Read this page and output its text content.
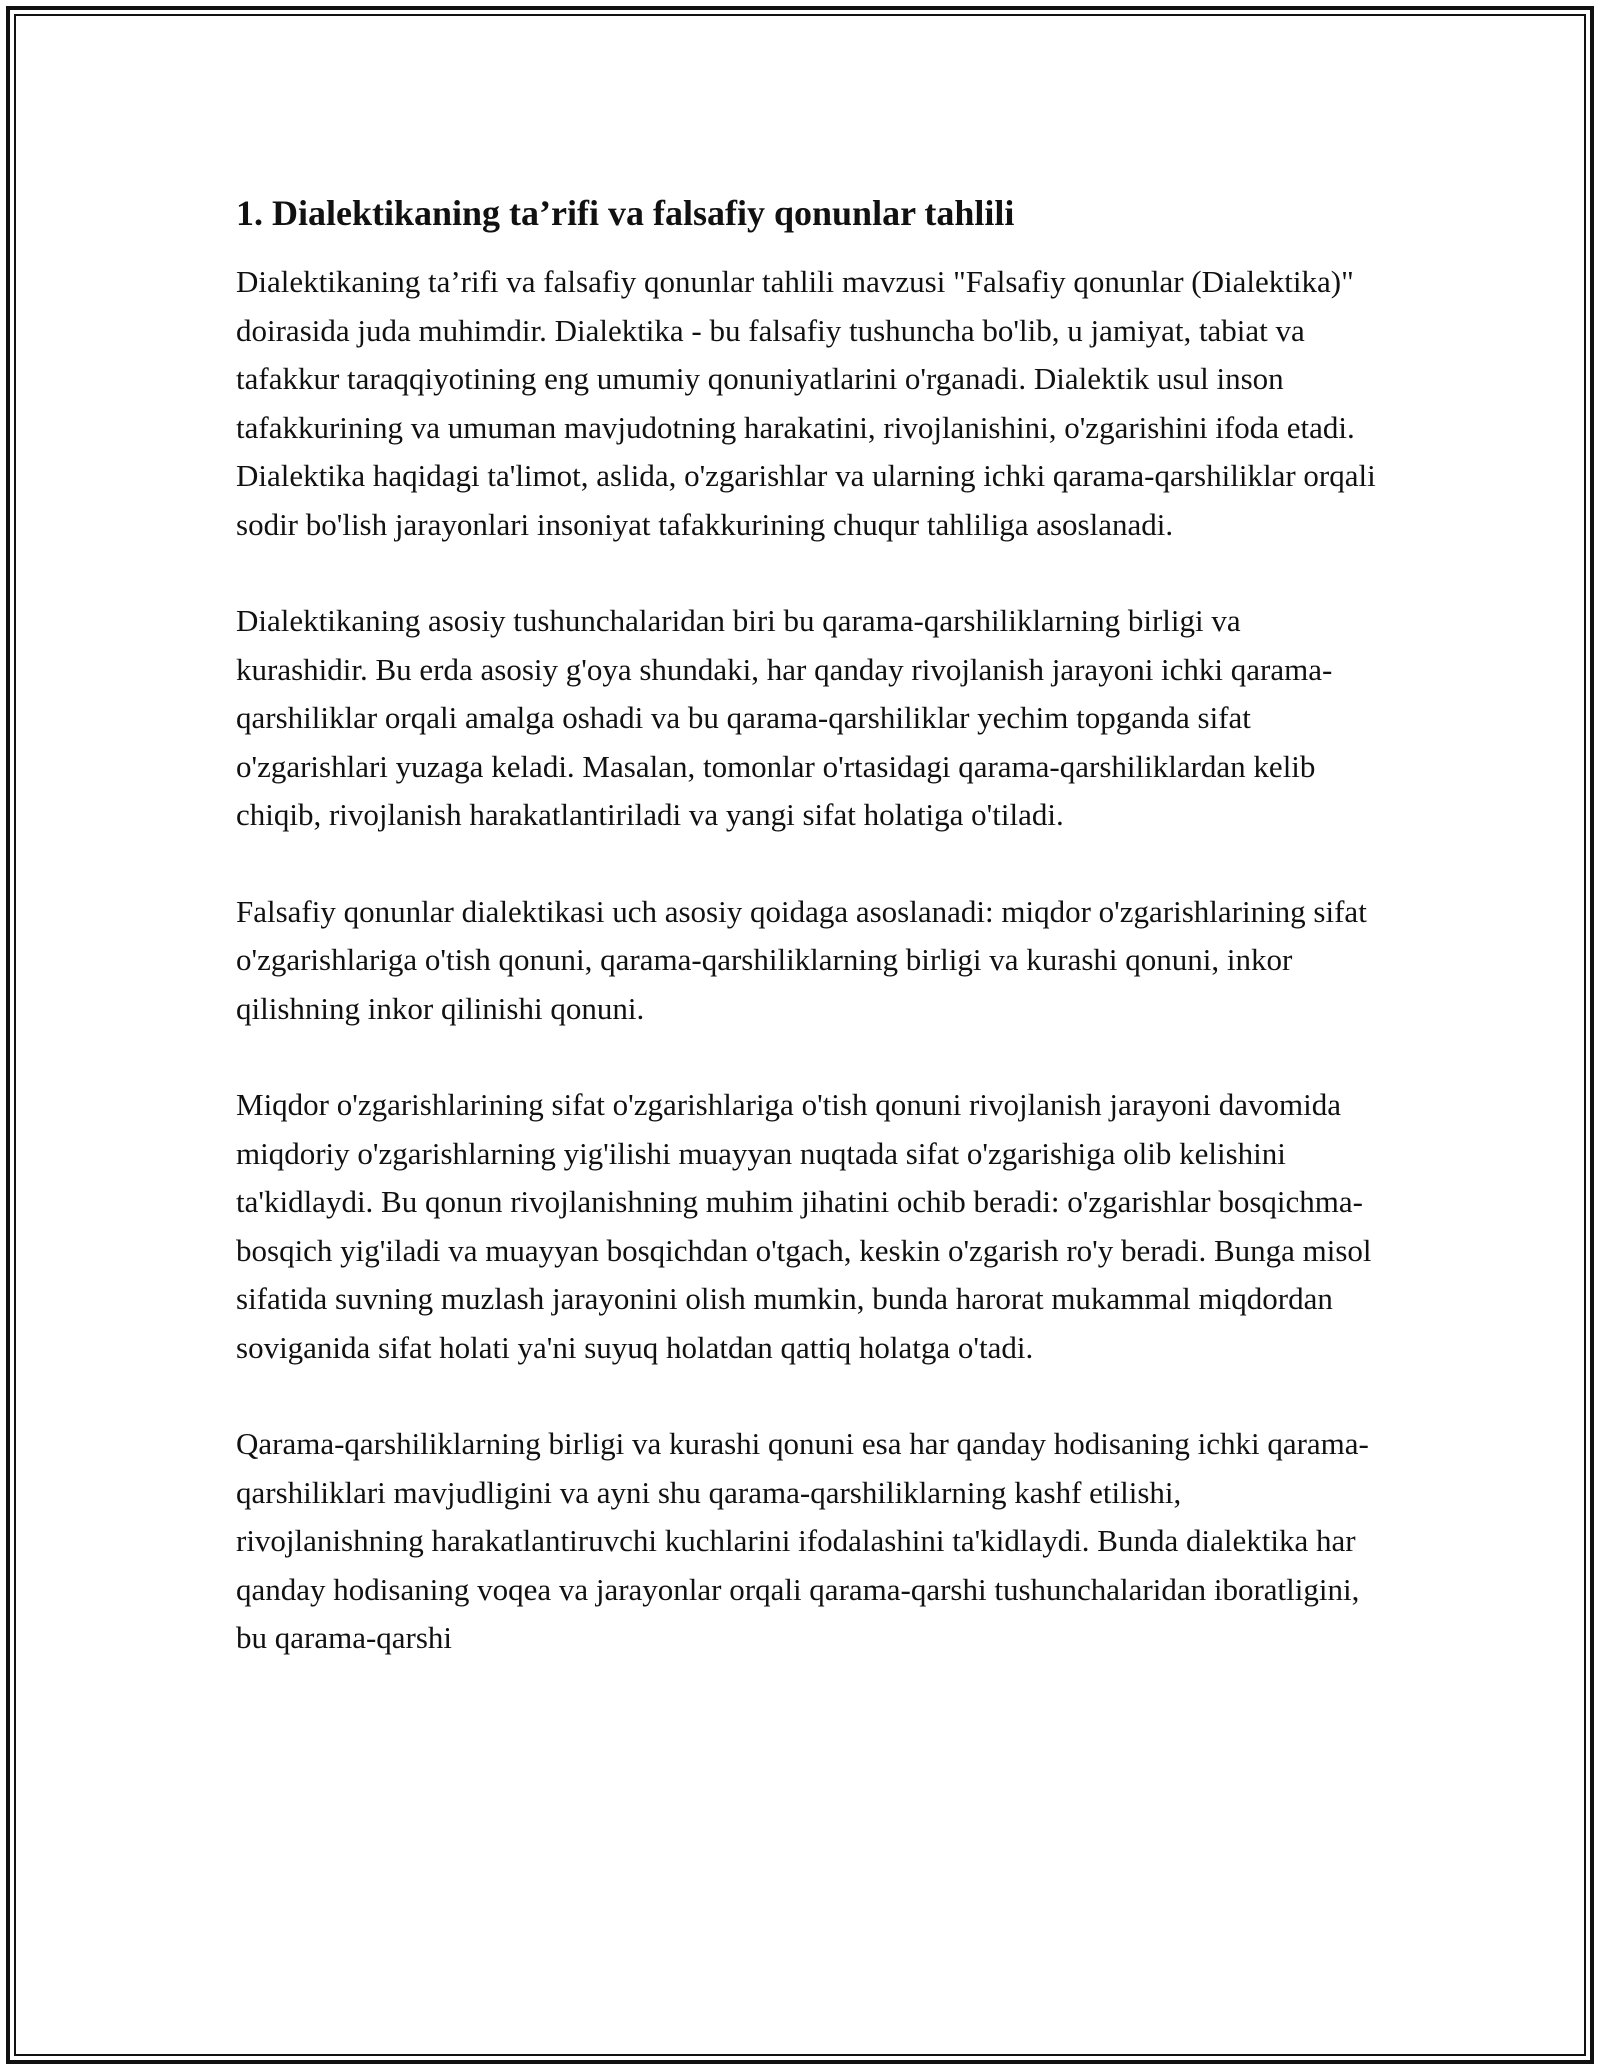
1. Dialektikaning ta’rifi va falsafiy qonunlar tahlili

Dialektikaning ta’rifi va falsafiy qonunlar tahlili mavzusi "Falsafiy qonunlar (Dialektika)" doirasida juda muhimdir. Dialektika - bu falsafiy tushuncha bo'lib, u jamiyat, tabiat va tafakkur taraqqiyotining eng umumiy qonuniyatlarini o'rganadi. Dialektik usul inson tafakkurining va umuman mavjudotning harakatini, rivojlanishini, o'zgarishini ifoda etadi. Dialektika haqidagi ta'limot, aslida, o'zgarishlar va ularning ichki qarama-qarshiliklar orqali sodir bo'lish jarayonlari insoniyat tafakkurining chuqur tahliliga asoslanadi.

Dialektikaning asosiy tushunchalaridan biri bu qarama-qarshiliklarning birligi va kurashidir. Bu erda asosiy g'oya shundaki, har qanday rivojlanish jarayoni ichki qarama-qarshiliklar orqali amalga oshadi va bu qarama-qarshiliklar yechim topganda sifat o'zgarishlari yuzaga keladi. Masalan, tomonlar o'rtasidagi qarama-qarshiliklardan kelib chiqib, rivojlanish harakatlantiriladi va yangi sifat holatiga o'tiladi.

Falsafiy qonunlar dialektikasi uch asosiy qoidaga asoslanadi: miqdor o'zgarishlarining sifat o'zgarishlariga o'tish qonuni, qarama-qarshiliklarning birligi va kurashi qonuni, inkor qilishning inkor qilinishi qonuni.

Miqdor o'zgarishlarining sifat o'zgarishlariga o'tish qonuni rivojlanish jarayoni davomida miqdoriy o'zgarishlarning yig'ilishi muayyan nuqtada sifat o'zgarishiga olib kelishini ta'kidlaydi. Bu qonun rivojlanishning muhim jihatini ochib beradi: o'zgarishlar bosqichma-bosqich yig'iladi va muayyan bosqichdan o'tgach, keskin o'zgarish ro'y beradi. Bunga misol sifatida suvning muzlash jarayonini olish mumkin, bunda harorat mukammal miqdordan soviganida sifat holati ya'ni suyuq holatdan qattiq holatga o'tadi.

Qarama-qarshiliklarning birligi va kurashi qonuni esa har qanday hodisaning ichki qarama-qarshiliklari mavjudligini va ayni shu qarama-qarshiliklarning kashf etilishi, rivojlanishning harakatlantiruvchi kuchlarini ifodalashini ta'kidlaydi. Bunda dialektika har qanday hodisaning voqea va jarayonlar orqali qarama-qarshi tushunchalaridan iboratligini, bu qarama-qarshi
